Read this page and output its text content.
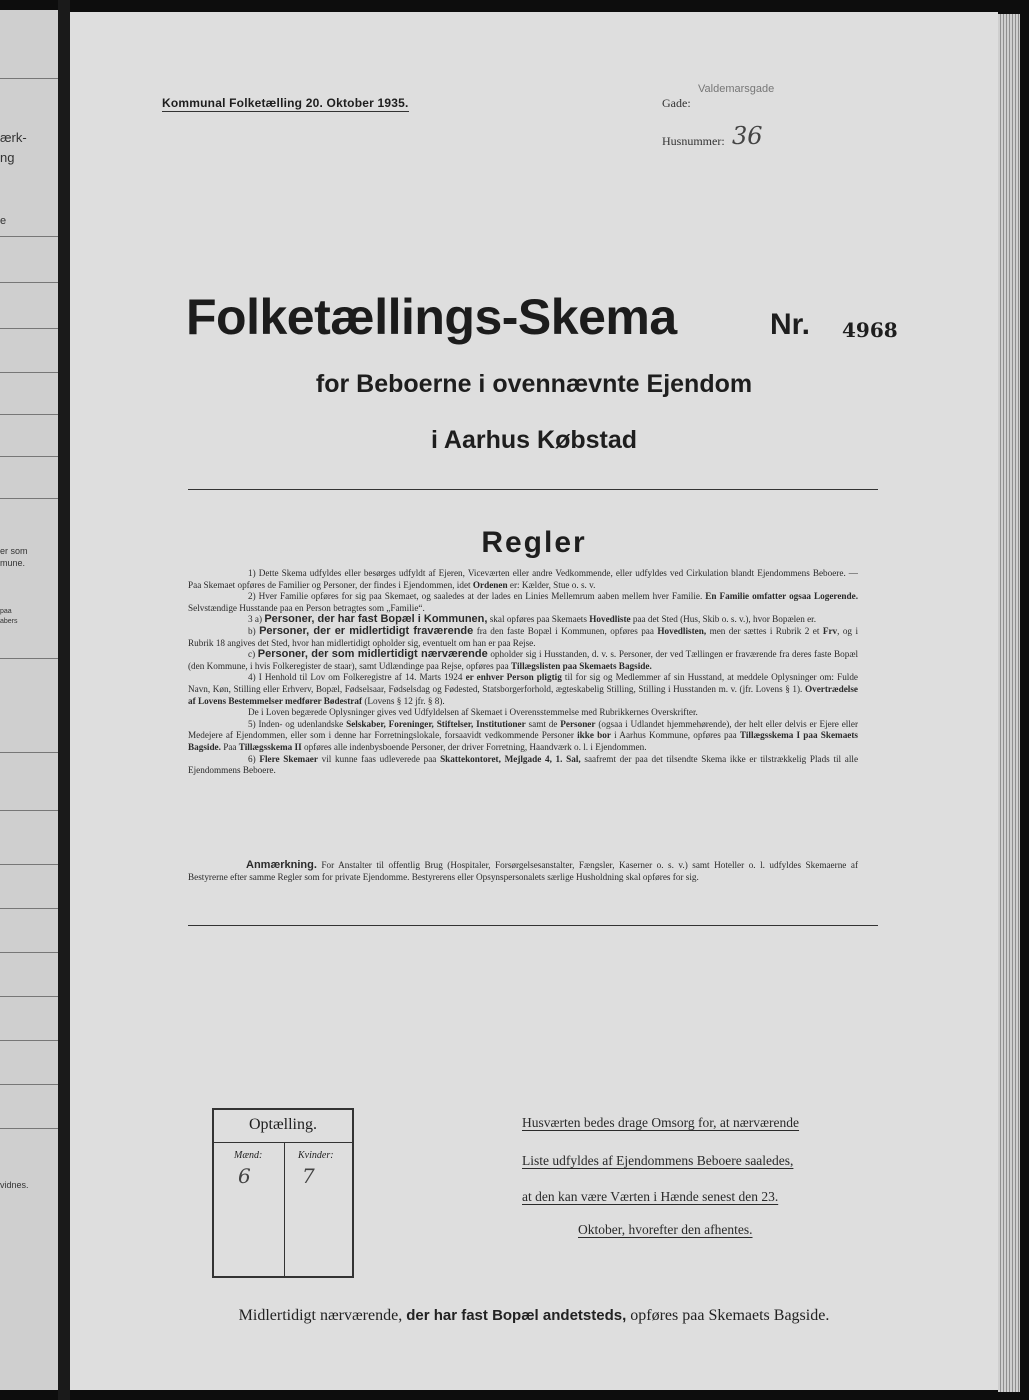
ærk-
ng
e
er som
mune.
paa
abers
vidnes.
Kommunal Folketælling 20. Oktober 1935.	Gade:
Valdemarsgade
Husnummer: 36
Folketællings-Skema	Nr. 4968
for Beboerne i ovennævnte Ejendom
i Aarhus Købstad
Regler

1) Dette Skema udfyldes eller besørges udfyldt af Ejeren, Viceværten eller andre Vedkommende, eller udfyldes ved Cirkulation blandt Ejendommens Beboere. — Paa Skemaet opføres de Familier og Personer, der findes i Ejendommen, idet Ordenen er: Kælder, Stue o. s. v.

2) Hver Familie opføres for sig paa Skemaet, og saaledes at der lades en Linies Mellemrum aaben mellem hver Familie. En Familie omfatter ogsaa Logerende. Selvstændige Husstande paa en Person betragtes som „Familie“.

3 a) Personer, der har fast Bopæl i Kommunen, skal opføres paa Skemaets Hovedliste paa det Sted (Hus, Skib o. s. v.), hvor Bopælen er.

b) Personer, der er midlertidigt fraværende fra den faste Bopæl i Kommunen, opføres paa Hovedlisten, men der sættes i Rubrik 2 et Frv, og i Rubrik 18 angives det Sted, hvor han midlertidigt opholder sig, eventuelt om han er paa Rejse.

c) Personer, der som midlertidigt nærværende opholder sig i Husstanden, d. v. s. Personer, der ved Tællingen er fraværende fra deres faste Bopæl (den Kommune, i hvis Folkeregister de staar), samt Udlændinge paa Rejse, opføres paa Tillægslisten paa Skemaets Bagside.

4) I Henhold til Lov om Folkeregistre af 14. Marts 1924 er enhver Person pligtig til for sig og Medlemmer af sin Husstand, at meddele Oplysninger om: Fulde Navn, Køn, Stilling eller Erhverv, Bopæl, Fødselsaar, Fødselsdag og Fødested, Statsborgerforhold, ægteskabelig Stilling, Stilling i Husstanden m. v. (jfr. Lovens § 1). Overtrædelse af Lovens Bestemmelser medfører Bødestraf (Lovens § 12 jfr. § 8).

De i Loven begærede Oplysninger gives ved Udfyldelsen af Skemaet i Overensstemmelse med Rubrikkernes Overskrifter.

5) Inden- og udenlandske Selskaber, Foreninger, Stiftelser, Institutioner samt de Personer (ogsaa i Udlandet hjemmehørende), der helt eller delvis er Ejere eller Medejere af Ejendommen, eller som i denne har Forretningslokale, forsaavidt vedkommende Personer ikke bor i Aarhus Kommune, opføres paa Tillægsskema I paa Skemaets Bagside. Paa Tillægsskema II opføres alle indenbysboende Personer, der driver Forretning, Haandværk o. l. i Ejendommen.

6) Flere Skemaer vil kunne faas udleverede paa Skattekontoret, Mejlgade 4, 1. Sal, saafremt der paa det tilsendte Skema ikke er tilstrækkelig Plads til alle Ejendommens Beboere.

Anmærkning. For Anstalter til offentlig Brug (Hospitaler, Forsørgelsesanstalter, Fængsler, Kaserner o. s. v.) samt Hoteller o. l. udfyldes Skemaerne af Bestyrerne efter samme Regler som for private Ejendomme. Bestyrerens eller Opsynspersonalets særlige Husholdning skal opføres for sig.
Optælling.
Mænd:	Kvinder:
6	7
Husværten bedes drage Omsorg for, at nærværende
Liste udfyldes af Ejendommens Beboere saaledes,
at den kan være Værten i Hænde senest den 23.
Oktober, hvorefter den afhentes.
Midlertidigt nærværende, der har fast Bopæl andetsteds, opføres paa Skemaets Bagside.
